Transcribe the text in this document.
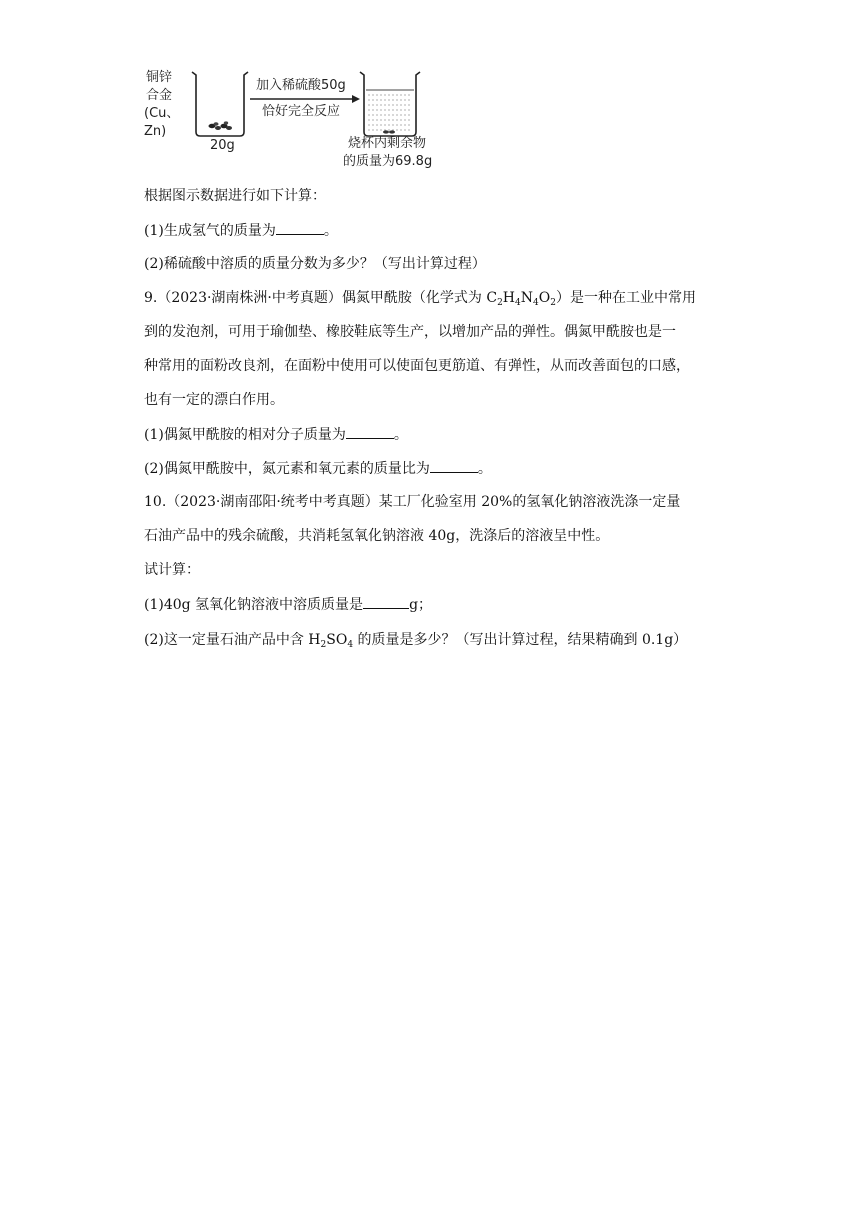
铜锌
合金
(Cu、
Zn)
20g
加入稀硫酸50g
恰好完全反应
烧杯内剩余物
的质量为69.8g
根据图示数据进行如下计算：
(1)生成氢气的质量为	。
(2)稀硫酸中溶质的质量分数为多少？（写出计算过程）
9.（2023·湖南株洲·中考真题）偶氮甲酰胺（化学式为 $C_2H_4N_4O_2$）是一种在工业中常用
到的发泡剂，可用于瑜伽垫、橡胶鞋底等生产，以增加产品的弹性。偶氮甲酰胺也是一
种常用的面粉改良剂，在面粉中使用可以使面包更筋道、有弹性，从而改善面包的口感，
也有一定的漂白作用。
(1)偶氮甲酰胺的相对分子质量为	。
(2)偶氮甲酰胺中，氮元素和氧元素的质量比为	。
10.（2023·湖南邵阳·统考中考真题）某工厂化验室用 20%的氢氧化钠溶液洗涤一定量
石油产品中的残余硫酸，共消耗氢氧化钠溶液 40g，洗涤后的溶液呈中性。
试计算：
(1)40g 氢氧化钠溶液中溶质质量是	g；
(2)这一定量石油产品中含 $H_2SO_4$ 的质量是多少？（写出计算过程，结果精确到 0.1g）
